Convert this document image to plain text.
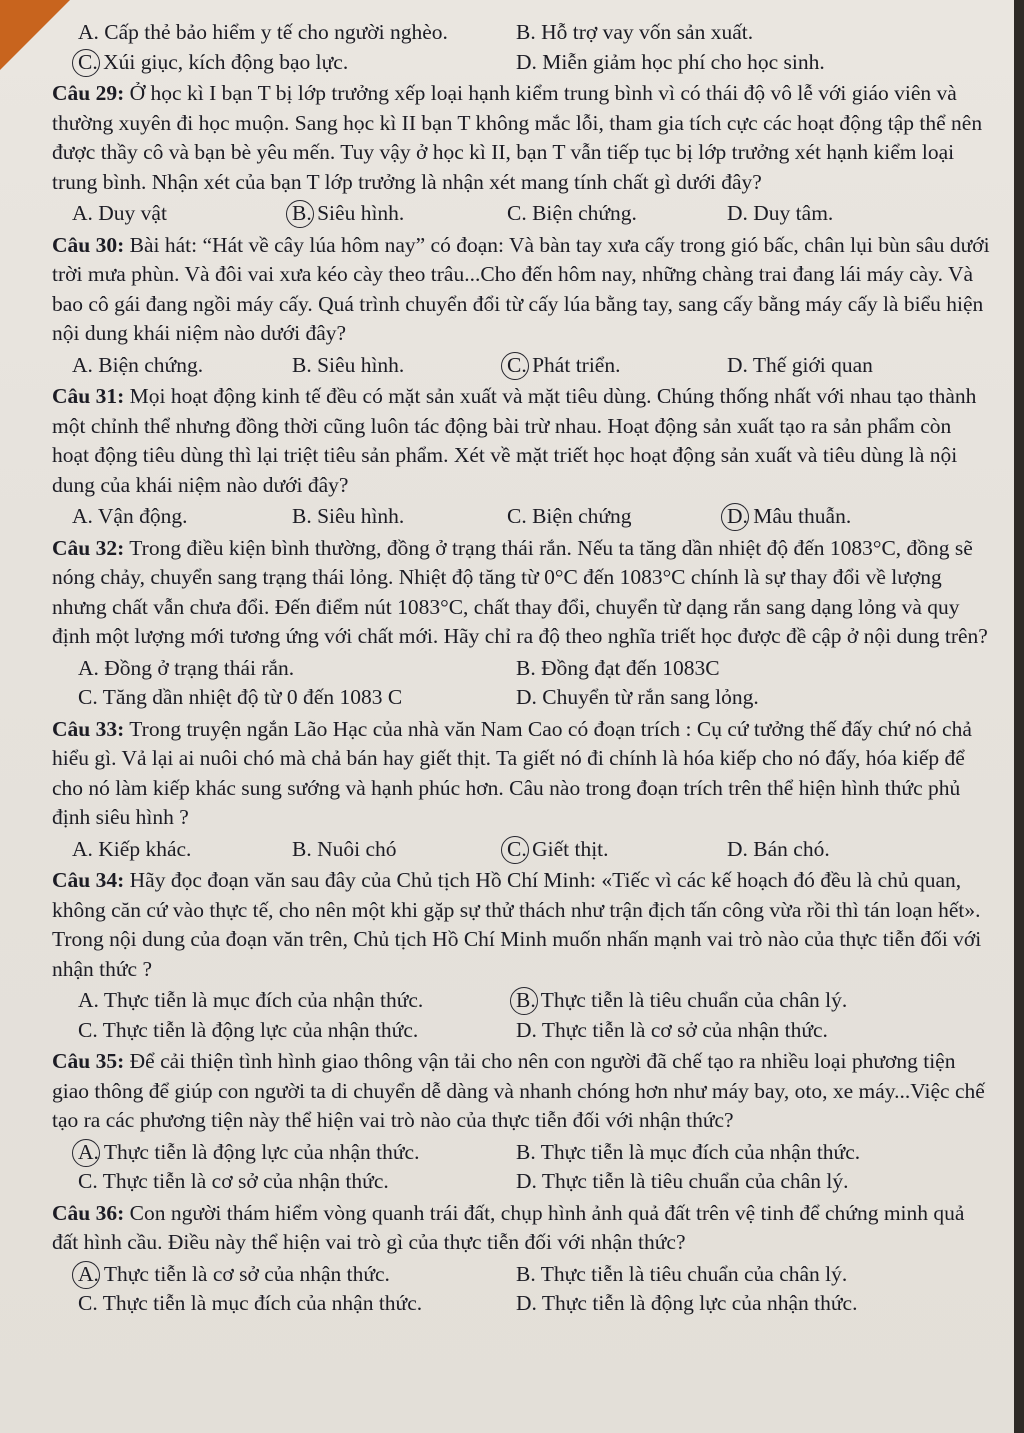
A. Cấp thẻ bảo hiểm y tế cho người nghèo.	B. Hỗ trợ vay vốn sản xuất.
C. Xúi giục, kích động bạo lực.	D. Miễn giảm học phí cho học sinh.
Câu 29: Ở học kì I bạn T bị lớp trưởng xếp loại hạnh kiểm trung bình vì có thái độ vô lễ với giáo viên và thường xuyên đi học muộn. Sang học kì II bạn T không mắc lỗi, tham gia tích cực các hoạt động tập thể nên được thầy cô và bạn bè yêu mến. Tuy vậy ở học kì II, bạn T vẫn tiếp tục bị lớp trưởng xét hạnh kiểm loại trung bình. Nhận xét của bạn T lớp trưởng là nhận xét mang tính chất gì dưới đây?
A. Duy vật	B. Siêu hình.	C. Biện chứng.	D. Duy tâm.
Câu 30: Bài hát: “Hát về cây lúa hôm nay” có đoạn: Và bàn tay xưa cấy trong gió bấc, chân lụi bùn sâu dưới trời mưa phùn. Và đôi vai xưa kéo cày theo trâu...Cho đến hôm nay, những chàng trai đang lái máy cày. Và bao cô gái đang ngồi máy cấy. Quá trình chuyển đổi từ cấy lúa bằng tay, sang cấy bằng máy cấy là biểu hiện nội dung khái niệm nào dưới đây?
A. Biện chứng.	B. Siêu hình.	C. Phát triển.	D. Thế giới quan
Câu 31: Mọi hoạt động kinh tế đều có mặt sản xuất và mặt tiêu dùng. Chúng thống nhất với nhau tạo thành một chỉnh thể nhưng đồng thời cũng luôn tác động bài trừ nhau. Hoạt động sản xuất tạo ra sản phẩm còn hoạt động tiêu dùng thì lại triệt tiêu sản phẩm. Xét về mặt triết học hoạt động sản xuất và tiêu dùng là nội dung của khái niệm nào dưới đây?
A. Vận động.	B. Siêu hình.	C. Biện chứng	D. Mâu thuẫn.
Câu 32: Trong điều kiện bình thường, đồng ở trạng thái rắn. Nếu ta tăng dần nhiệt độ đến 1083°C, đồng sẽ nóng chảy, chuyển sang trạng thái lỏng. Nhiệt độ tăng từ 0°C đến 1083°C chính là sự thay đổi về lượng nhưng chất vẫn chưa đổi. Đến điểm nút 1083°C, chất thay đổi, chuyển từ dạng rắn sang dạng lỏng và quy định một lượng mới tương ứng với chất mới. Hãy chỉ ra độ theo nghĩa triết học được đề cập ở nội dung trên?
A. Đồng ở trạng thái rắn.	B. Đồng đạt đến 1083C
C. Tăng dần nhiệt độ từ 0 đến 1083 C	D. Chuyển từ rắn sang lỏng.
Câu 33: Trong truyện ngắn Lão Hạc của nhà văn Nam Cao có đoạn trích : Cụ cứ tưởng thế đấy chứ nó chả hiểu gì. Vả lại ai nuôi chó mà chả bán hay giết thịt. Ta giết nó đi chính là hóa kiếp cho nó đấy, hóa kiếp để cho nó làm kiếp khác sung sướng và hạnh phúc hơn. Câu nào trong đoạn trích trên thể hiện hình thức phủ định siêu hình ?
A. Kiếp khác.	B. Nuôi chó	C. Giết thịt.	D. Bán chó.
Câu 34: Hãy đọc đoạn văn sau đây của Chủ tịch Hồ Chí Minh: «Tiếc vì các kế hoạch đó đều là chủ quan, không căn cứ vào thực tế, cho nên một khi gặp sự thử thách như trận địch tấn công vừa rồi thì tán loạn hết». Trong nội dung của đoạn văn trên, Chủ tịch Hồ Chí Minh muốn nhấn mạnh vai trò nào của thực tiễn đối với nhận thức ?
A. Thực tiễn là mục đích của nhận thức.	B. Thực tiễn là tiêu chuẩn của chân lý.
C. Thực tiễn là động lực của nhận thức.	D. Thực tiễn là cơ sở của nhận thức.
Câu 35: Để cải thiện tình hình giao thông vận tải cho nên con người đã chế tạo ra nhiều loại phương tiện giao thông để giúp con người ta di chuyển dễ dàng và nhanh chóng hơn như máy bay, oto, xe máy...Việc chế tạo ra các phương tiện này thể hiện vai trò nào của thực tiễn đối với nhận thức?
A. Thực tiễn là động lực của nhận thức.	B. Thực tiễn là mục đích của nhận thức.
C. Thực tiễn là cơ sở của nhận thức.	D. Thực tiễn là tiêu chuẩn của chân lý.
Câu 36: Con người thám hiểm vòng quanh trái đất, chụp hình ảnh quả đất trên vệ tinh để chứng minh quả đất hình cầu. Điều này thể hiện vai trò gì của thực tiễn đối với nhận thức?
A. Thực tiễn là cơ sở của nhận thức.	B. Thực tiễn là tiêu chuẩn của chân lý.
C. Thực tiễn là mục đích của nhận thức.	D. Thực tiễn là động lực của nhận thức.
